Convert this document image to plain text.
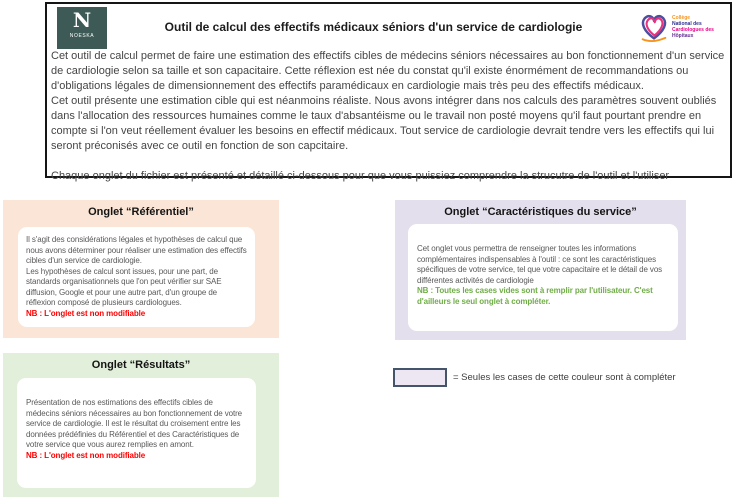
N
NOESKA
Outil de calcul des effectifs médicaux séniors d'un service de cardiologie
Collège
National des
Cardiologues des
Hôpitaux

Cet outil de calcul permet de faire une estimation des effectifs cibles de médecins séniors nécessaires au bon fonctionnement d'un service de cardiologie selon sa taille et son capacitaire. Cette réflexion est née du constat qu'il existe énormément de recommandations ou d'obligations légales de dimensionnement des effectifs paramédicaux en cardiologie mais très peu des effectifs médicaux.

Cet outil présente une estimation cible qui est néanmoins réaliste. Nous avons intégrer dans nos calculs des paramètres souvent oubliés dans l'allocation des ressources humaines comme le taux d'absantéisme ou le travail non posté moyens qu'il faut pourtant prendre en compte si l'on veut réellement évaluer les besoins en effectif médicaux. Tout service de cardiologie devrait tendre vers les effectifs qui lui seront préconisés avec ce outil en fonction de son capcitaire.

Chaque onglet du fichier est présenté et détaillé ci-dessous pour que vous puissiez comprendre la strucutre de l'outil et l'utiliser

Onglet “Référentiel”

Il s'agit des considérations légales et hypothèses de calcul que nous avons déterminer pour réaliser une estimation des effectifs cibles d'un service de cardiologie.

Les hypothèses de calcul sont issues, pour une part, de standards organisationnels que l'on peut vérifier sur SAE diffusion, Google et pour une autre part, d'un groupe de réflexion composé de plusieurs cardiologues.

NB : L'onglet est non modifiable

Onglet “Caractéristiques du service”

Cet onglet vous permettra de renseigner toutes les informations complémentaires indispensables à l'outil : ce sont les caractéristiques spécifiques de votre service, tel que votre capacitaire et le détail de vos différentes activités de cardiologie

NB : Toutes les cases vides sont à remplir par l'utilisateur. C'est d'ailleurs le seul onglet à compléter.

Onglet “Résultats”

Présentation de nos estimations des effectifs cibles de médecins séniors nécessaires au bon fonctionnement de votre service de cardiologie. Il est le résultat du croisement entre les données prédéfinies du Référentiel et des Caractéristiques de votre service que vous aurez remplies en amont.

NB : L'onglet est non modifiable

= Seules les cases de cette couleur sont à compléter
